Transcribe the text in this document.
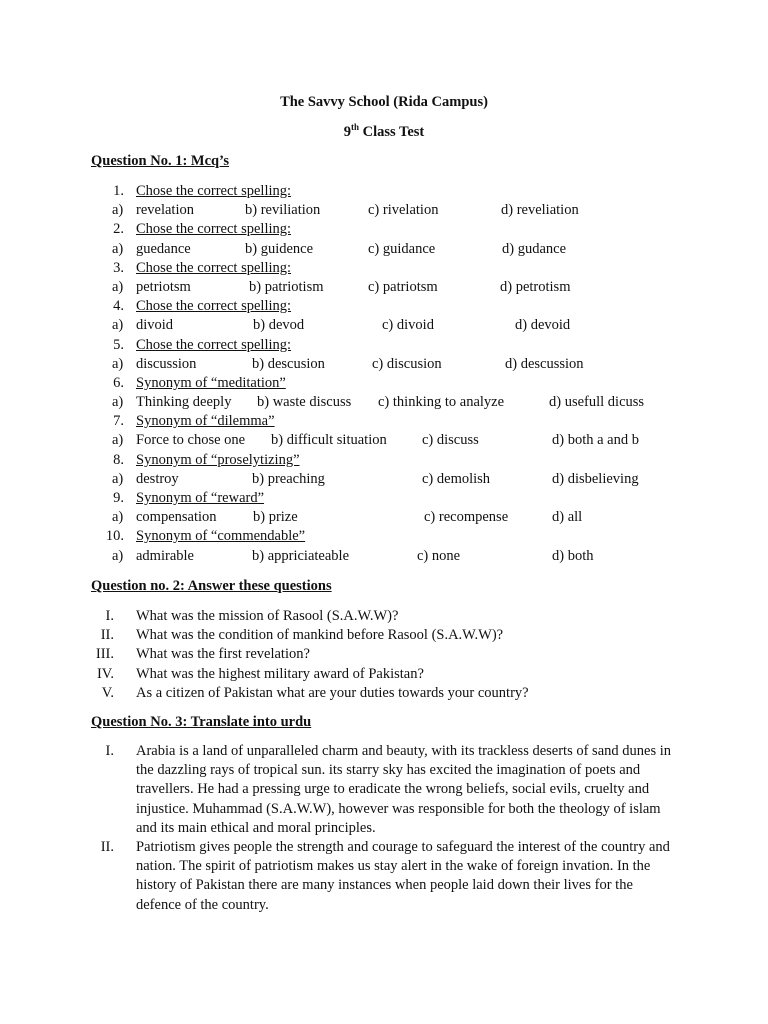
The Savvy School (Rida Campus)
9th Class Test
Question No. 1: Mcq’s
1. Chose the correct spelling:
a) revelation	b) reviliation	c) rivelation	d) reveliation
2. Chose the correct spelling:
a) guedance	b) guidence	c) guidance	d) gudance
3. Chose the correct spelling:
a) petriotsm	b) patriotism	c) patriotsm	d) petrotism
4. Chose the correct spelling:
a) divoid	b) devod	c) divoid	d) devoid
5. Chose the correct spelling:
a) discussion	b) descusion	c) discusion	d) descussion
6. Synonym of “meditation”
a) Thinking deeply b) waste discuss c) thinking to analyze	d) usefull dicuss
7. Synonym of “dilemma”
a) Force to chose one b) difficult situation c) discuss	d) both a and b
8. Synonym of “proselytizing”
a) destroy	b) preaching	c) demolish	d) disbelieving
9. Synonym of “reward”
a) compensation	b) prize	c) recompense	d) all
10. Synonym of “commendable”
a) admirable	b) appriciateable	c) none	d) both
Question no. 2: Answer these questions
I. What was the mission of Rasool (S.A.W.W)?
II. What was the condition of mankind before Rasool (S.A.W.W)?
III. What was the first revelation?
IV. What was the highest military award of Pakistan?
V. As a citizen of Pakistan what are your duties towards your country?
Question No. 3: Translate into urdu
I. Arabia is a land of unparalleled charm and beauty, with its trackless deserts of sand dunes in the dazzling rays of tropical sun. its starry sky has excited the imagination of poets and travellers. He had a pressing urge to eradicate the wrong beliefs, social evils, cruelty and injustice. Muhammad (S.A.W.W), however was responsible for both the theology of islam and its main ethical and moral principles.
II. Patriotism gives people the strength and courage to safeguard the interest of the country and nation. The spirit of patriotism makes us stay alert in the wake of foreign invation. In the history of Pakistan there are many instances when people laid down their lives for the defence of the country.
